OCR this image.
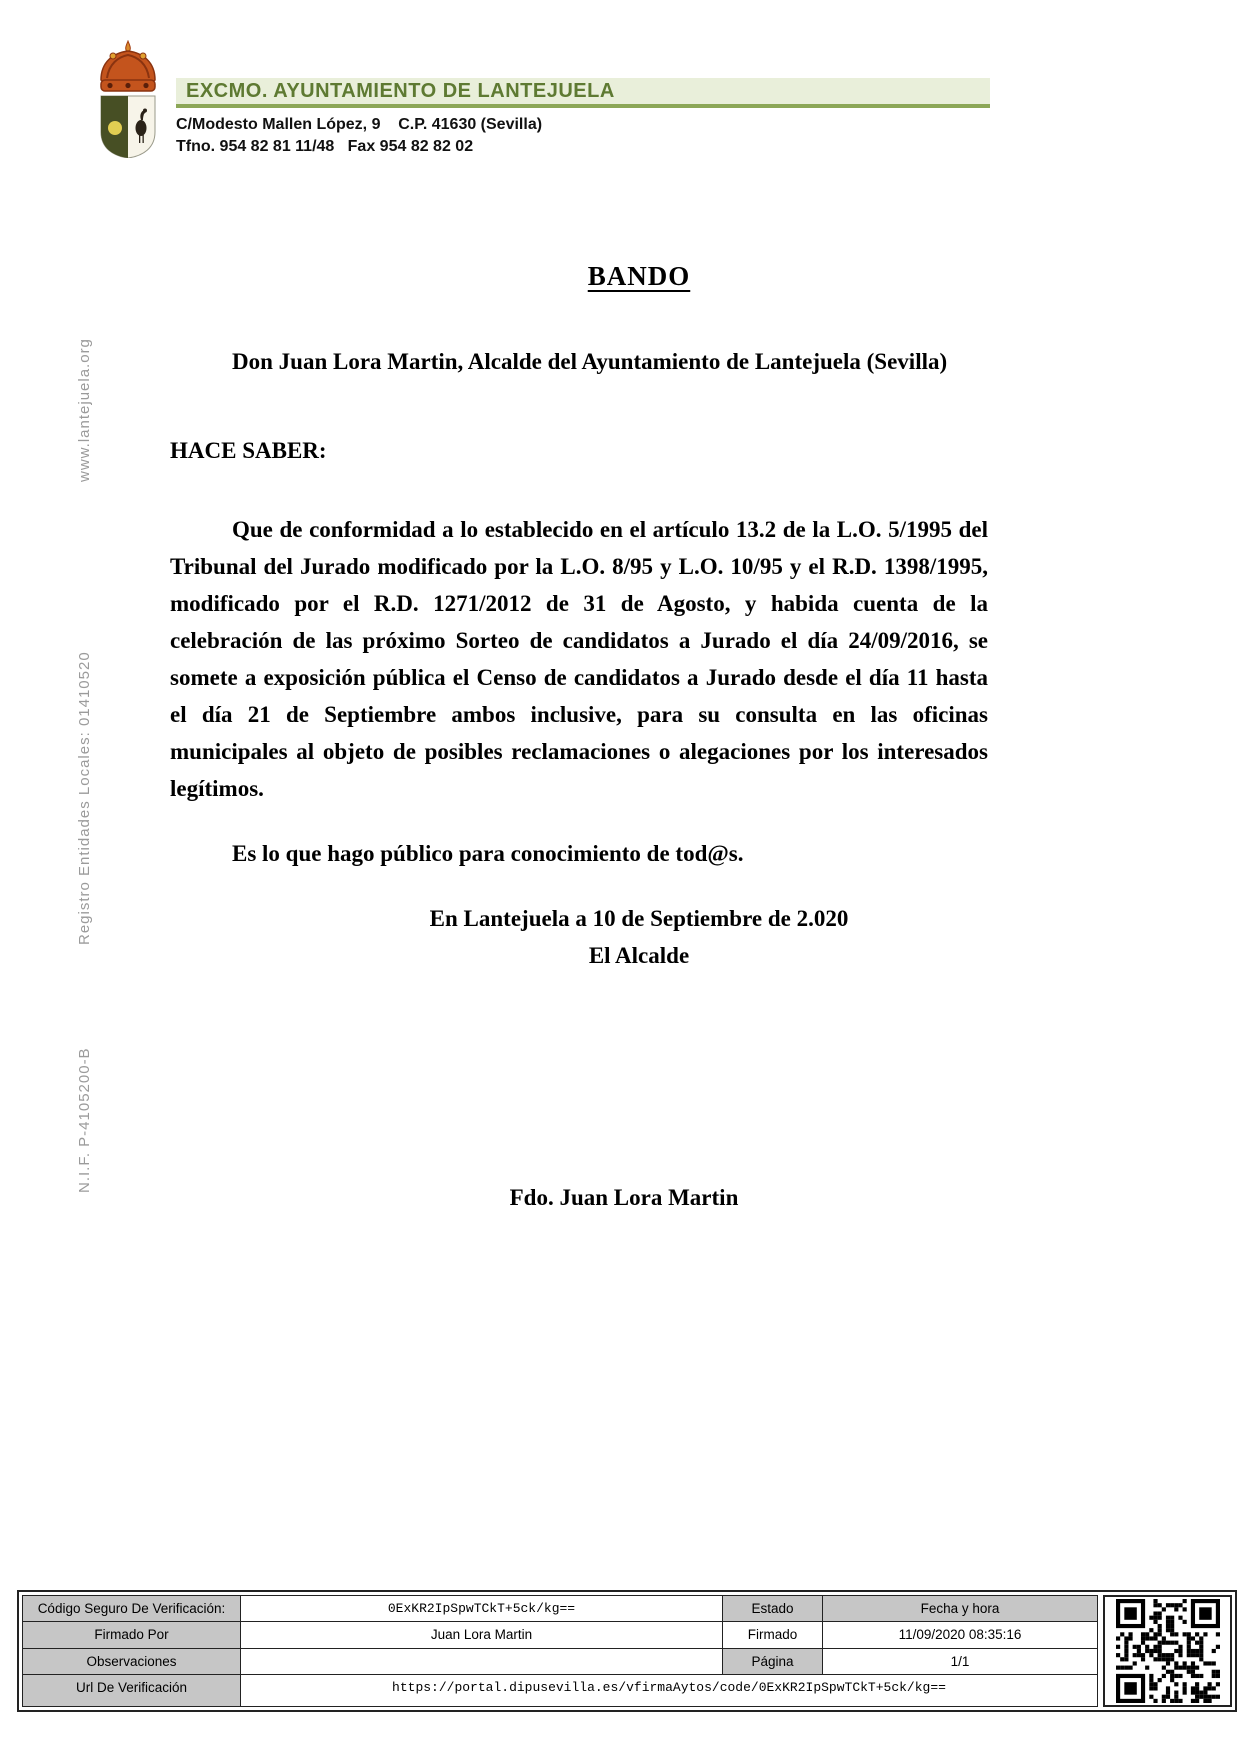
EXCMO. AYUNTAMIENTO DE LANTEJUELA
C/Modesto Mallen López, 9    C.P. 41630 (Sevilla)
Tfno. 954 82 81 11/48   Fax 954 82 82 02
www.lantejuela.org
Registro Entidades Locales: 01410520
N.I.F. P-4105200-B
BANDO

Don Juan Lora Martin, Alcalde del Ayuntamiento de Lantejuela (Sevilla)

HACE SABER:

Que de conformidad a lo establecido en el artículo 13.2 de la L.O. 5/1995 del Tribunal del Jurado modificado por la L.O. 8/95 y L.O. 10/95 y el R.D. 1398/1995, modificado por el R.D. 1271/2012 de 31 de Agosto, y habida cuenta de la celebración de las próximo Sorteo de candidatos a Jurado el día 24/09/2016, se somete a exposición pública el Censo de candidatos a Jurado desde el día 11 hasta el día 21 de Septiembre ambos inclusive, para su consulta en las oficinas municipales al objeto de posibles reclamaciones o alegaciones por los interesados legítimos.

Es lo que hago público para conocimiento de tod@s.

En Lantejuela a 10 de Septiembre de 2.020
El Alcalde

Fdo. Juan Lora Martin

Código Seguro De Verificación:	0ExKR2IpSpwTCkT+5ck/kg==	Estado	Fecha y hora
Firmado Por	Juan Lora Martin	Firmado	11/09/2020 08:35:16
Observaciones		Página	1/1
Url De Verificación	https://portal.dipusevilla.es/vfirmaAytos/code/0ExKR2IpSpwTCkT+5ck/kg==		
